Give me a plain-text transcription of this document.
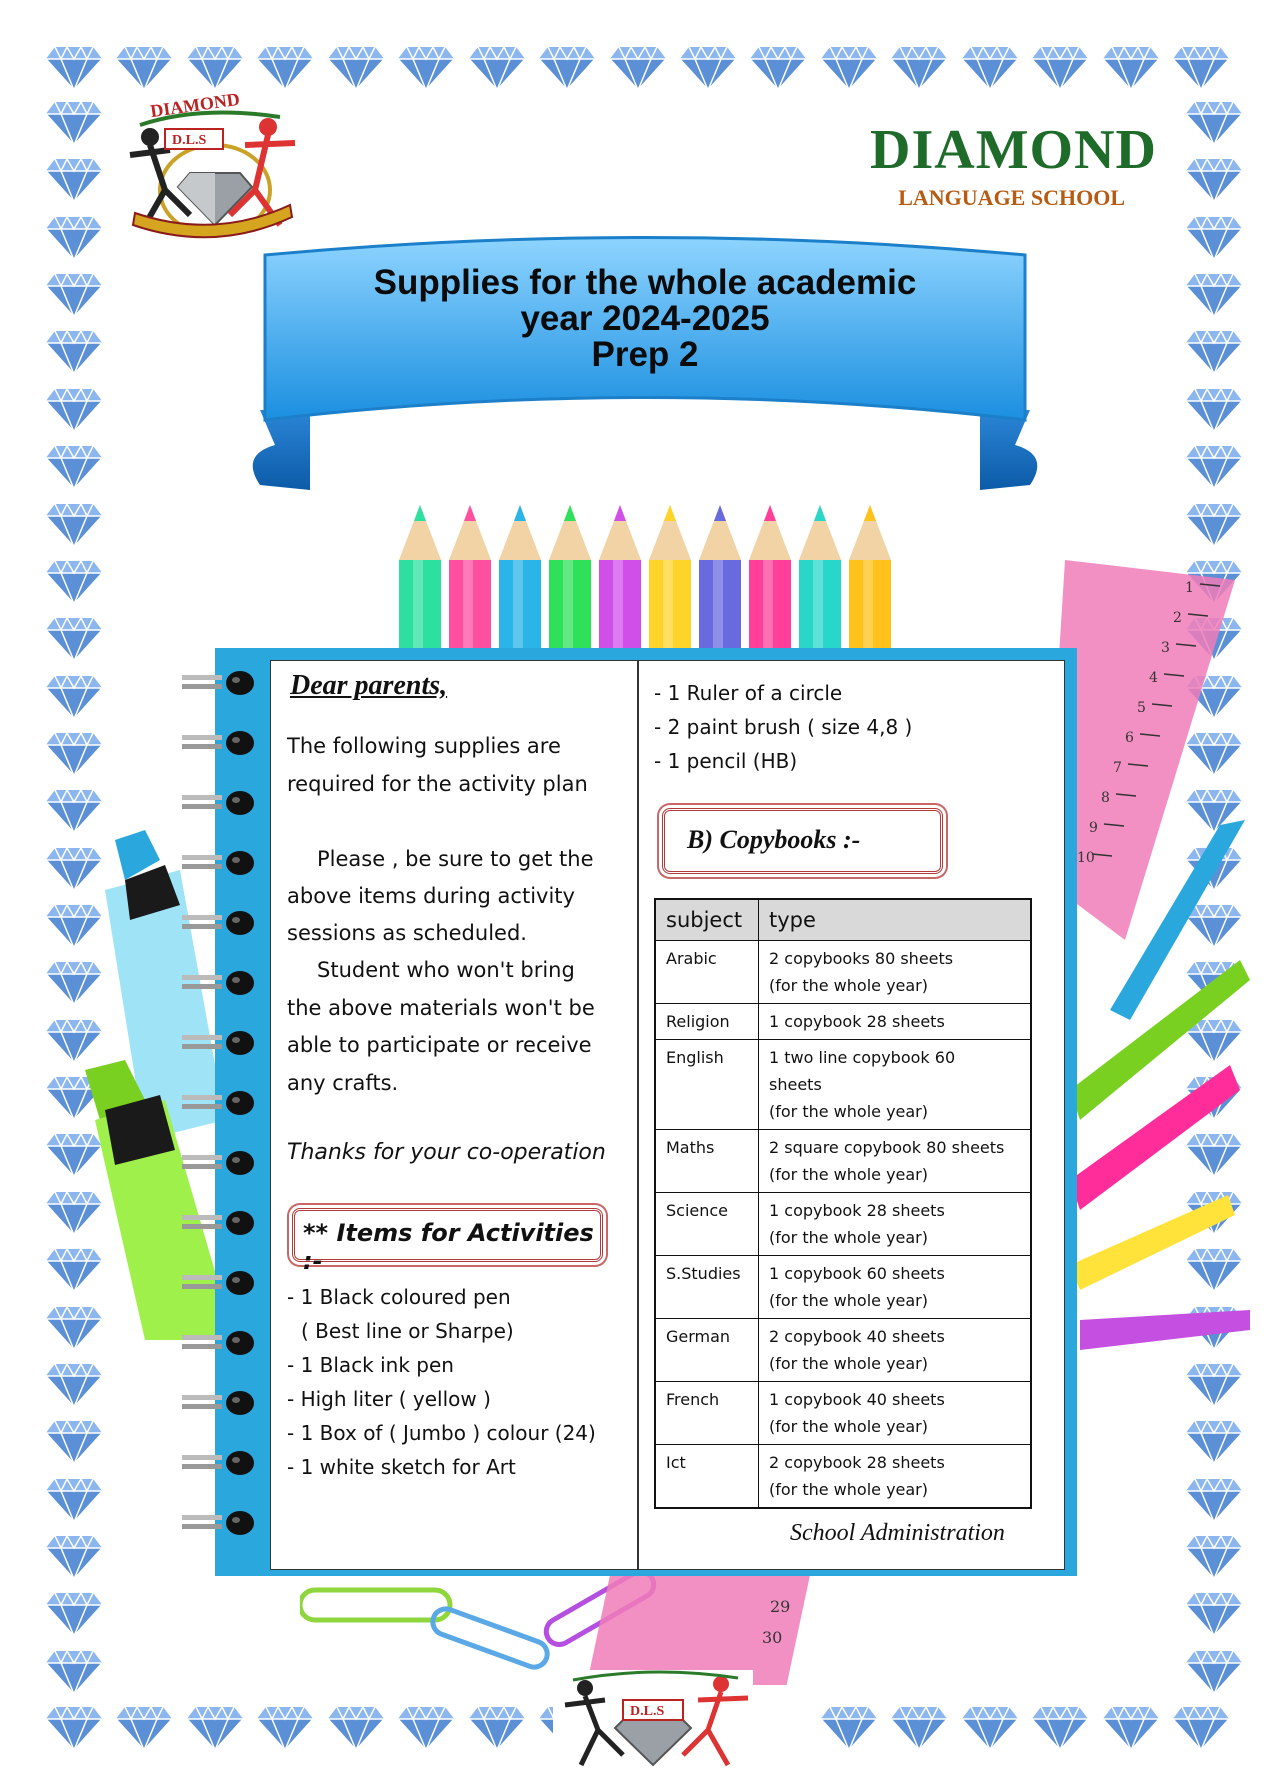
DIAMOND
D.L.S	DIAMOND
LANGUAGE SCHOOL
Supplies for the whole academic
year 2024-2025
Prep 2
1
2
3
4
5
6
7
8
9
10
29
30
Dear parents,
The following supplies are
required for the activity plan
Please , be sure to get the
above items during activity
sessions as scheduled.
Student who won't bring
the above materials won't be
able to participate or receive
any crafts.
Thanks for your co-operation
** Items for Activities :-
- 1 Black coloured pen
( Best line or Sharpe)
- 1 Black ink pen
- High liter ( yellow )
- 1 Box of ( Jumbo ) colour (24)
- 1 white sketch for Art
- 1 Ruler of a circle
- 2 paint brush ( size 4,8 )
- 1 pencil (HB)
B) Copybooks :-
subject	type
Arabic	2 copybooks 80 sheets
(for the whole year)

Religion	1 copybook 28 sheets

English	1 two line copybook 60
sheets
(for the whole year)

Maths	2 square copybook 80 sheets
(for the whole year)

Science	1 copybook 28 sheets
(for the whole year)

S.Studies	1 copybook 60 sheets
(for the whole year)

German	2 copybook 40 sheets
(for the whole year)

French	1 copybook 40 sheets
(for the whole year)

Ict	2 copybook 28 sheets
(for the whole year)
School Administration
D.L.S
